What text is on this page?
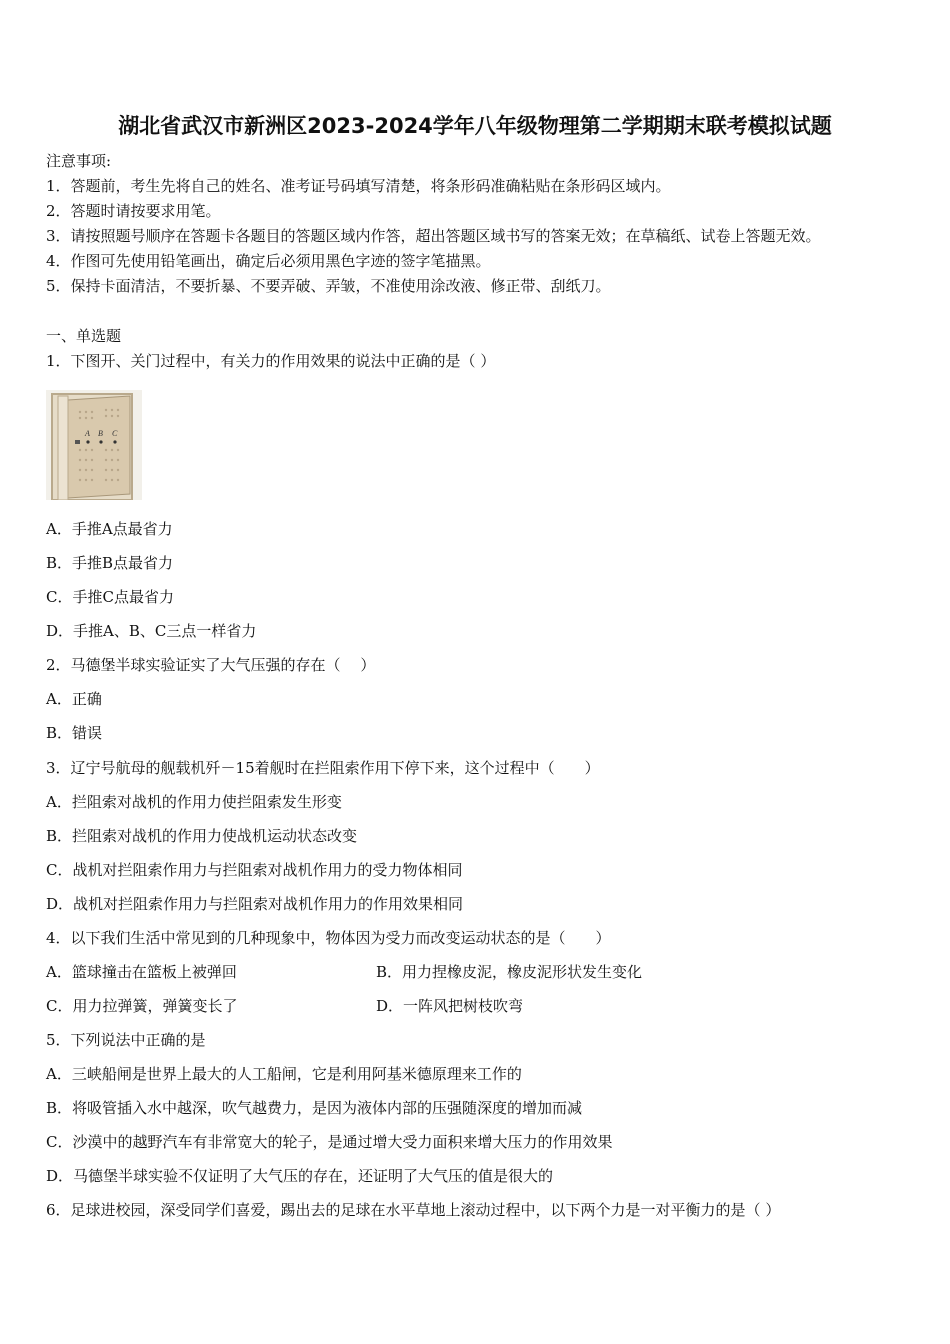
湖北省武汉市新洲区2023-2024学年八年级物理第二学期期末联考模拟试题
注意事项:
1．答题前，考生先将自己的姓名、准考证号码填写清楚，将条形码准确粘贴在条形码区域内。
2．答题时请按要求用笔。
3．请按照题号顺序在答题卡各题目的答题区域内作答，超出答题区域书写的答案无效；在草稿纸、试卷上答题无效。
4．作图可先使用铅笔画出，确定后必须用黑色字迹的签字笔描黑。
5．保持卡面清洁，不要折暴、不要弄破、弄皱，不准使用涂改液、修正带、刮纸刀。
一、单选题
1．下图开、关门过程中，有关力的作用效果的说法中正确的是（ ）
A B C
A．手推A点最省力
B．手推B点最省力
C．手推C点最省力
D．手推A、B、C三点一样省力
2．马德堡半球实验证实了大气压强的存在（　 ）
A．正确
B．错误
3．辽宁号航母的舰载机歼－15着舰时在拦阻索作用下停下来，这个过程中（　　）
A．拦阻索对战机的作用力使拦阻索发生形变
B．拦阻索对战机的作用力使战机运动状态改变
C．战机对拦阻索作用力与拦阻索对战机作用力的受力物体相同
D．战机对拦阻索作用力与拦阻索对战机作用力的作用效果相同
4．以下我们生活中常见到的几种现象中，物体因为受力而改变运动状态的是（　　）
A．篮球撞击在篮板上被弹回	B．用力捏橡皮泥，橡皮泥形状发生变化
C．用力拉弹簧，弹簧变长了	D．一阵风把树枝吹弯
5．下列说法中正确的是
A．三峡船闸是世界上最大的人工船闸，它是利用阿基米德原理来工作的
B．将吸管插入水中越深，吹气越费力，是因为液体内部的压强随深度的增加而减
C．沙漠中的越野汽车有非常宽大的轮子，是通过增大受力面积来增大压力的作用效果
D．马德堡半球实验不仅证明了大气压的存在，还证明了大气压的值是很大的
6．足球进校园，深受同学们喜爱，踢出去的足球在水平草地上滚动过程中，以下两个力是一对平衡力的是（ ）
